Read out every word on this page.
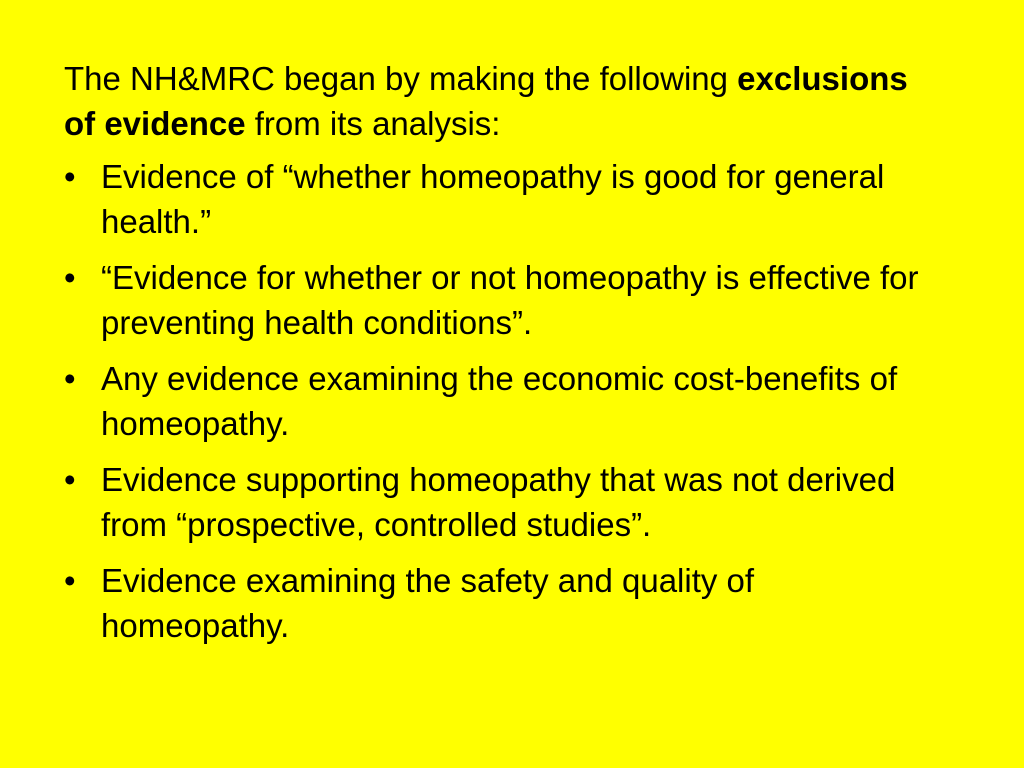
The NH&MRC began by making the following exclusions of evidence from its analysis:

• Evidence of “whether homeopathy is good for general health.”
• “Evidence for whether or not homeopathy is effective for preventing health conditions”.
• Any evidence examining the economic cost-benefits of homeopathy.
• Evidence supporting homeopathy that was not derived from “prospective, controlled studies”.
• Evidence examining the safety and quality of homeopathy.
